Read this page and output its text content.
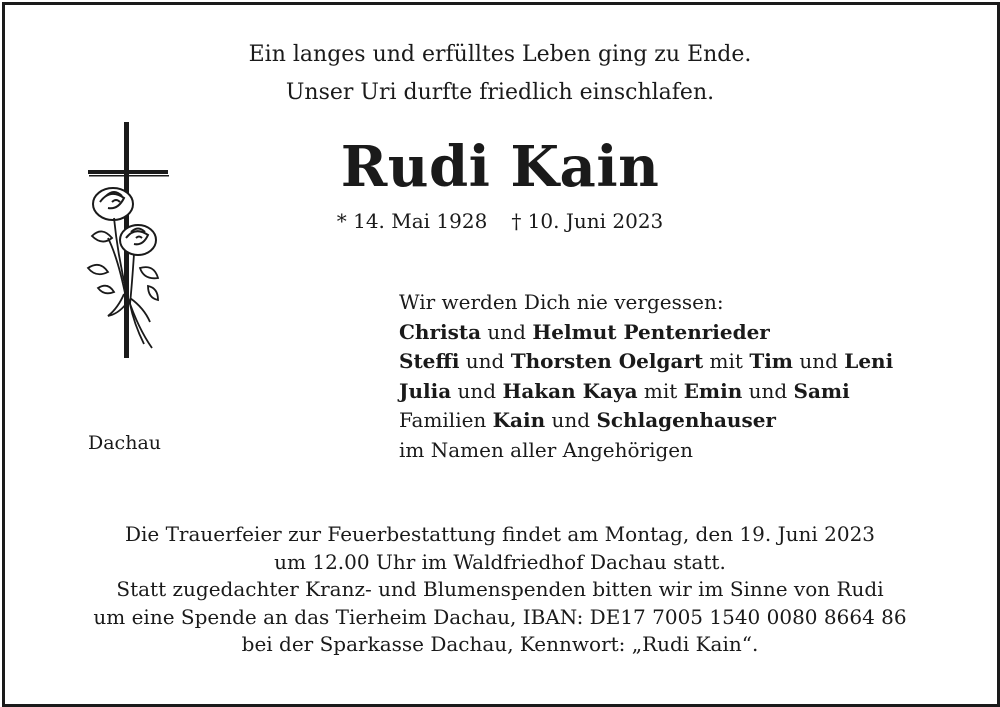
Ein langes und erfülltes Leben ging zu Ende.
Unser Uri durfte friedlich einschlafen.
Rudi Kain
* 14. Mai 1928 † 10. Juni 2023
Dachau
Wir werden Dich nie vergessen:
Christa und Helmut Pentenrieder
Steffi und Thorsten Oelgart mit Tim und Leni
Julia und Hakan Kaya mit Emin und Sami
Familien Kain und Schlagenhauser
im Namen aller Angehörigen
Die Trauerfeier zur Feuerbestattung findet am Montag, den 19. Juni 2023
um 12.00 Uhr im Waldfriedhof Dachau statt.
Statt zugedachter Kranz- und Blumenspenden bitten wir im Sinne von Rudi
um eine Spende an das Tierheim Dachau, IBAN: DE17 7005 1540 0080 8664 86
bei der Sparkasse Dachau, Kennwort: „Rudi Kain“.
